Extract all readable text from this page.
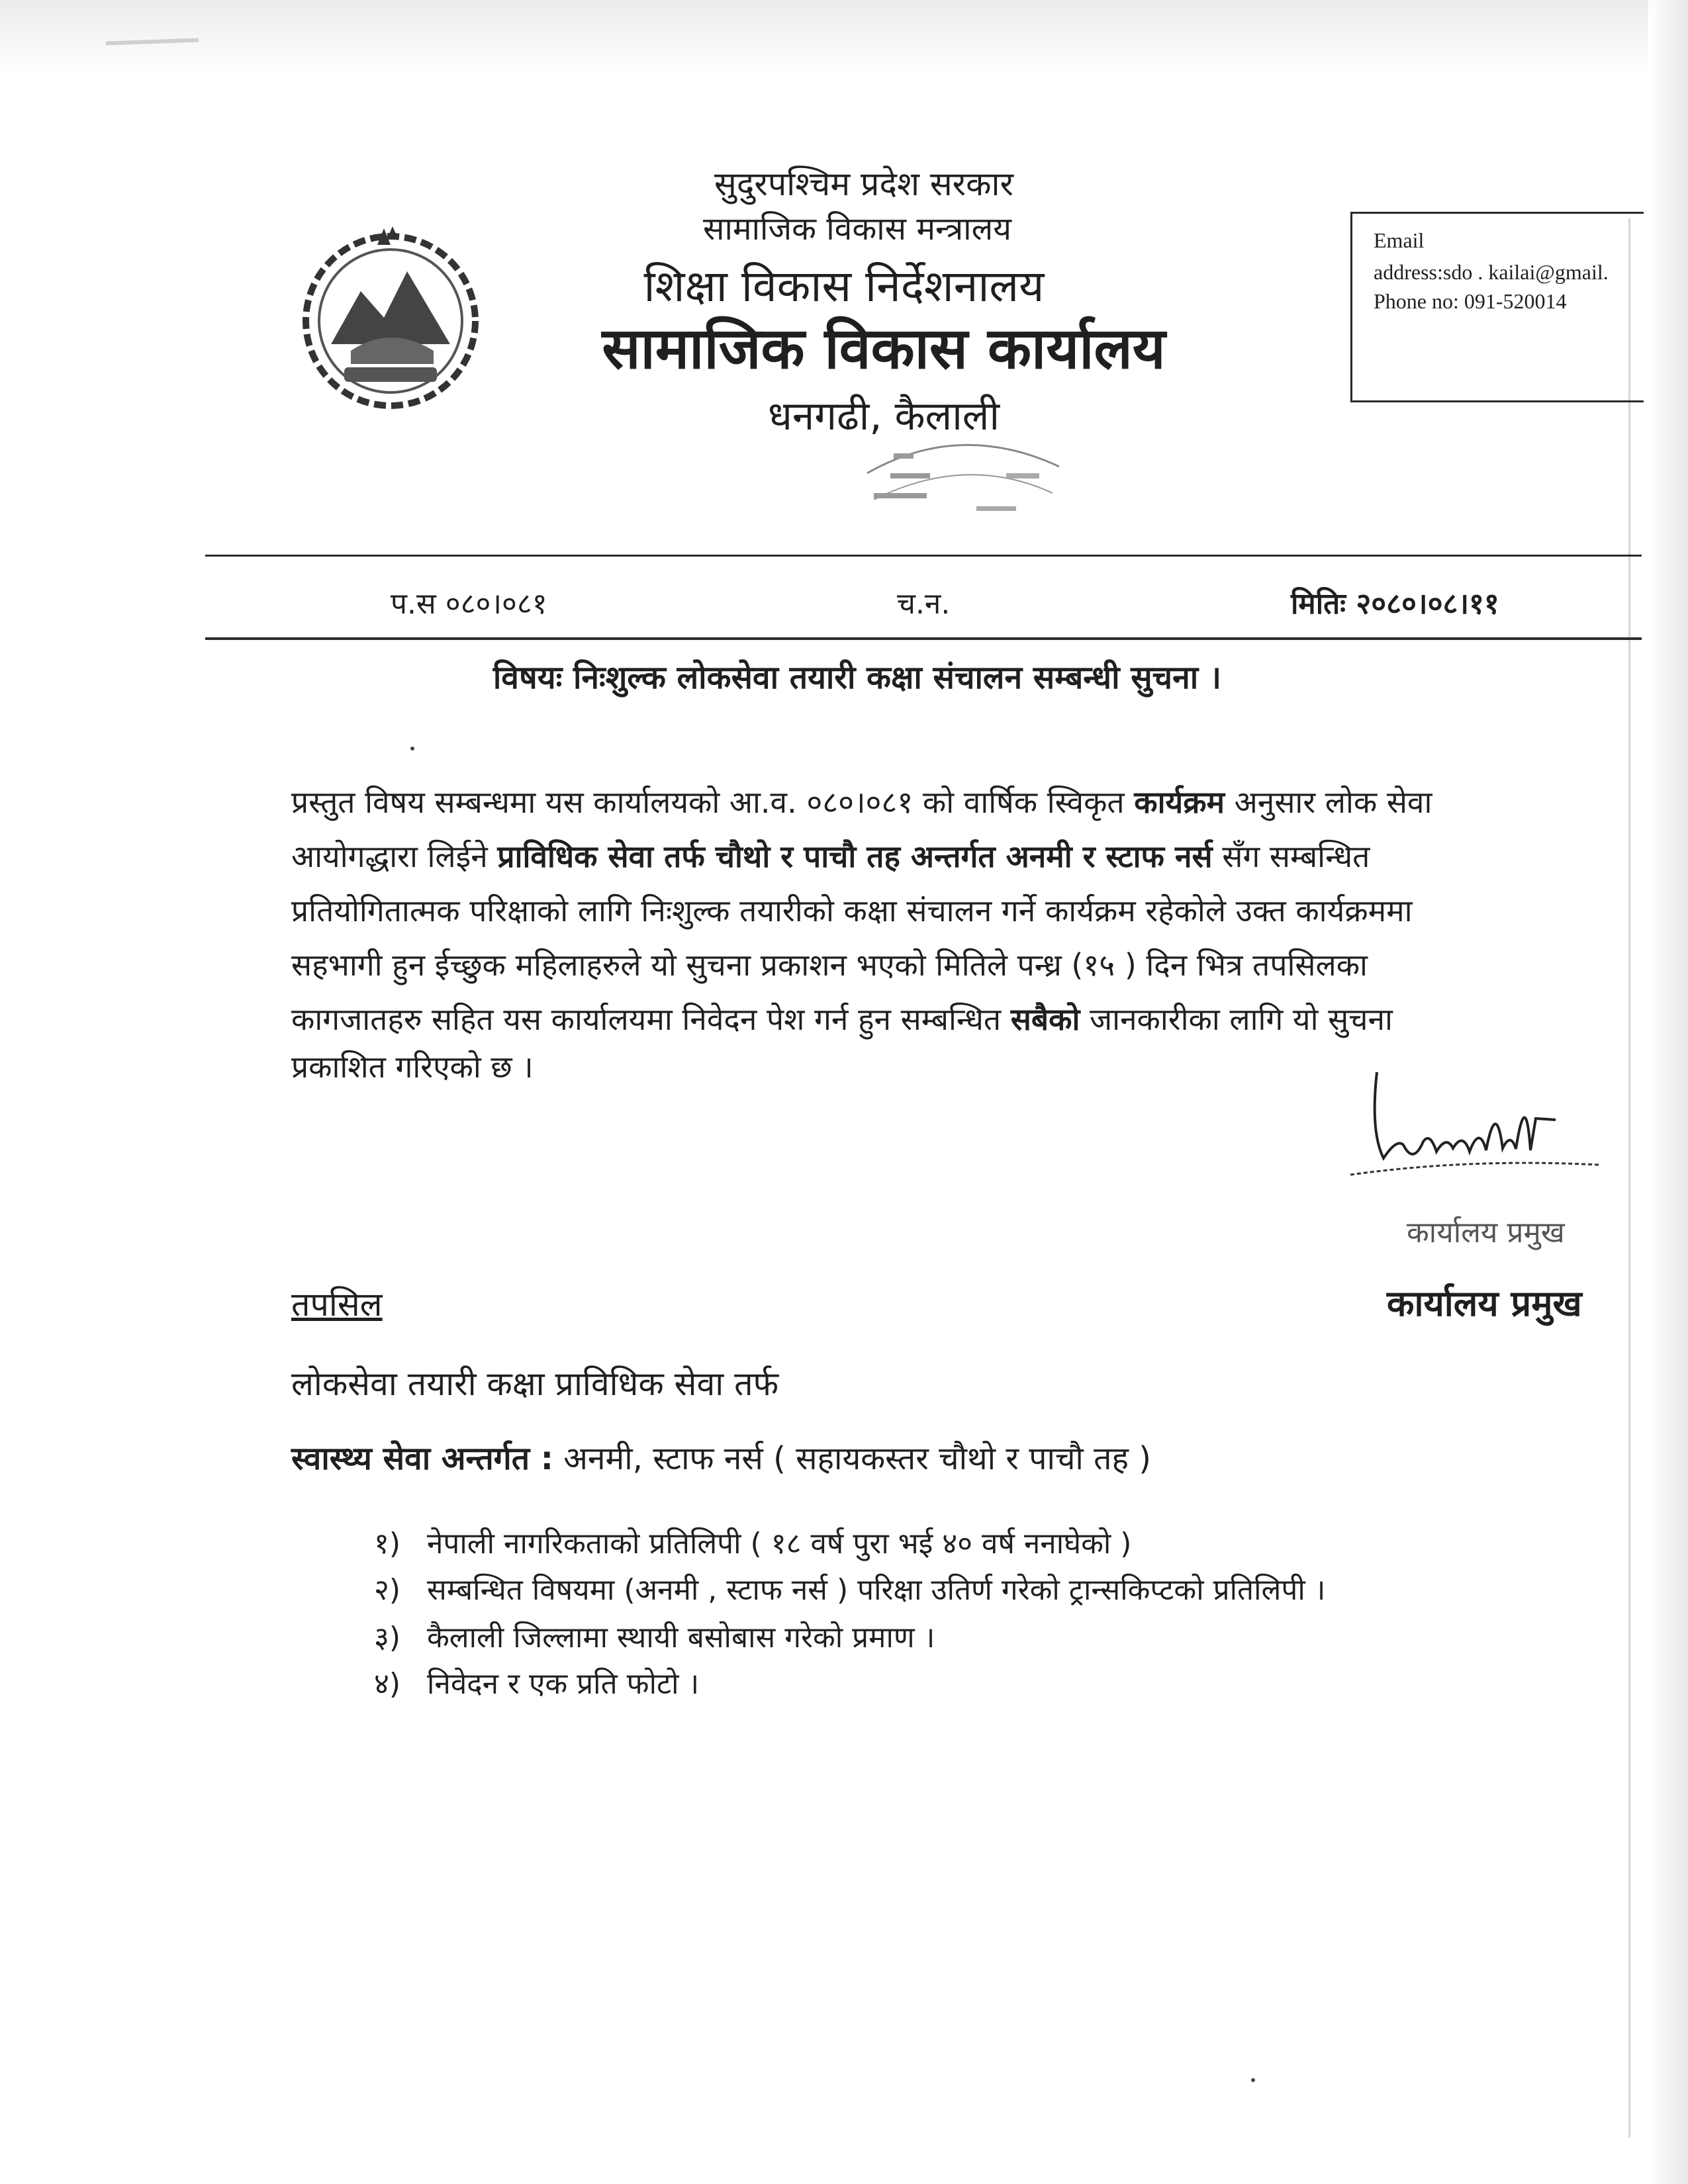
सुदुरपश्चिम प्रदेश सरकार
सामाजिक विकास मन्त्रालय
शिक्षा विकास निर्देशनालय
सामाजिक विकास कार्यालय
धनगढी, कैलाली
Email
address:sdo . kailai@gmail.
Phone no: 091-520014
प.स ०८०।०८१	च.न.	मितिः २०८०।०८।११
विषयः निःशुल्क लोकसेवा तयारी कक्षा संचालन सम्बन्धी सुचना ।
प्रस्तुत विषय सम्बन्धमा यस कार्यालयको आ.व. ०८०।०८१ को वार्षिक स्विकृत कार्यक्रम अनुसार लोक सेवा
आयोगद्धारा लिईने प्राविधिक सेवा तर्फ चौथो र पाचौ तह अन्तर्गत अनमी र स्टाफ नर्स सँग सम्बन्धित
प्रतियोगितात्मक परिक्षाको लागि निःशुल्क तयारीको कक्षा संचालन गर्ने कार्यक्रम रहेकोले उक्त कार्यक्रममा
सहभागी हुन ईच्छुक महिलाहरुले यो सुचना प्रकाशन भएको मितिले पन्ध्र (१५ ) दिन भित्र तपसिलका
कागजातहरु सहित यस कार्यालयमा निवेदन पेश गर्न हुन सम्बन्धित सबैको जानकारीका लागि यो सुचना
प्रकाशित गरिएको छ ।
कार्यालय प्रमुख
कार्यालय प्रमुख
तपसिल
लोकसेवा तयारी कक्षा प्राविधिक सेवा तर्फ
स्वास्थ्य सेवा अन्तर्गत : अनमी, स्टाफ नर्स ( सहायकस्तर चौथो र पाचौ तह )
१) नेपाली नागरिकताको प्रतिलिपी ( १८ वर्ष पुरा भई ४० वर्ष ननाघेको )
२) सम्बन्धित विषयमा (अनमी , स्टाफ नर्स ) परिक्षा उतिर्ण गरेको ट्रान्सकिप्टको प्रतिलिपी ।
३) कैलाली जिल्लामा स्थायी बसोबास गरेको प्रमाण ।
४) निवेदन र एक प्रति फोटो ।
